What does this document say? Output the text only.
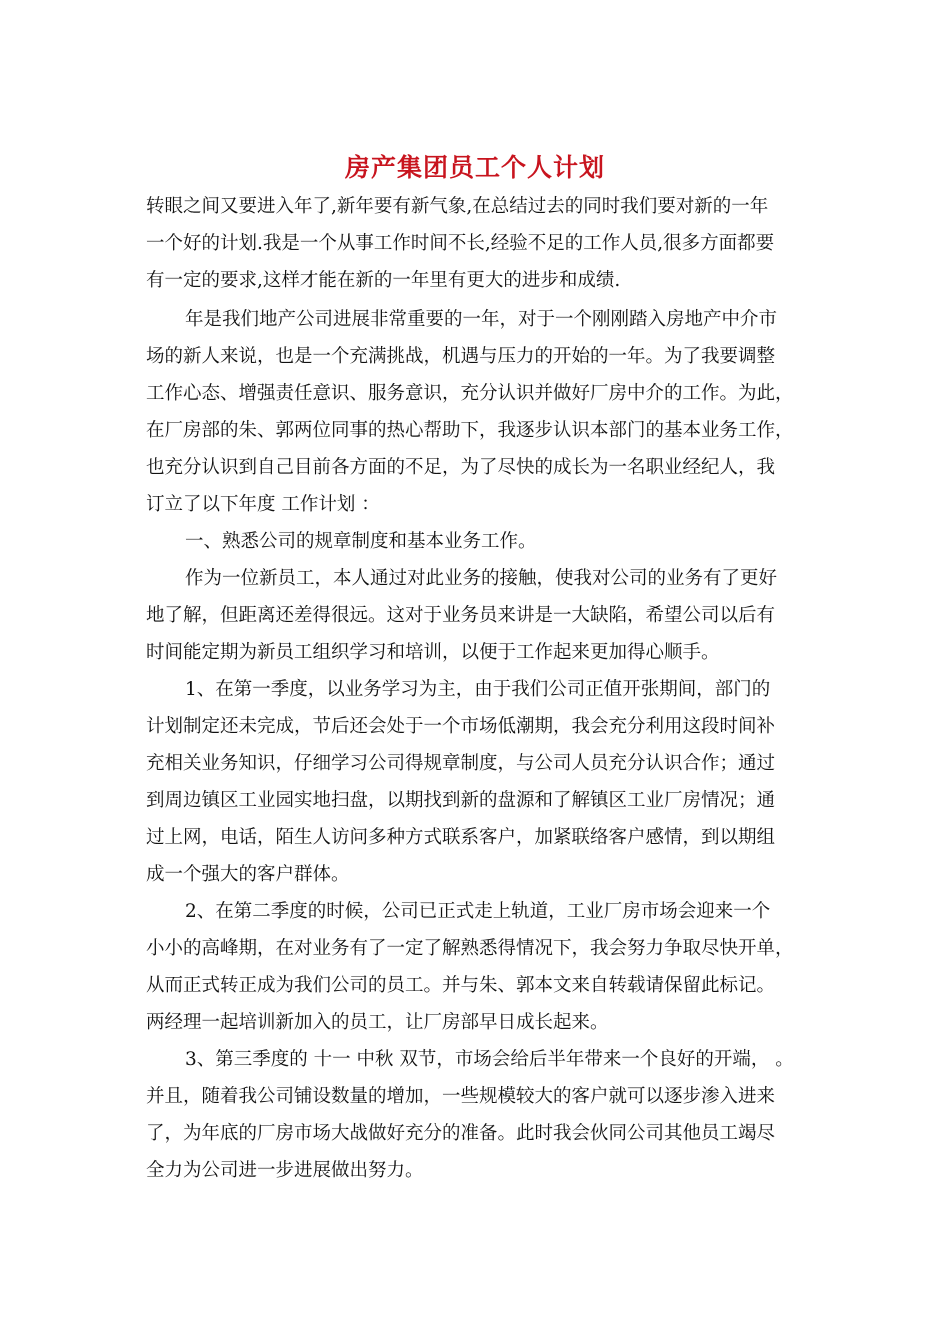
房产集团员工个人计划
转眼之间又要进入年了,新年要有新气象,在总结过去的同时我们要对新的一年
一个好的计划.我是一个从事工作时间不长,经验不足的工作人员,很多方面都要
有一定的要求,这样才能在新的一年里有更大的进步和成绩.
年是我们地产公司进展非常重要的一年，对于一个刚刚踏入房地产中介市
场的新人来说，也是一个充满挑战，机遇与压力的开始的一年。为了我要调整
工作心态、增强责任意识、服务意识，充分认识并做好厂房中介的工作。为此，
在厂房部的朱、郭两位同事的热心帮助下，我逐步认识本部门的基本业务工作，
也充分认识到自己目前各方面的不足，为了尽快的成长为一名职业经纪人，我
订立了以下年度 工作计划 ：
一、熟悉公司的规章制度和基本业务工作。
作为一位新员工，本人通过对此业务的接触，使我对公司的业务有了更好
地了解，但距离还差得很远。这对于业务员来讲是一大缺陷，希望公司以后有
时间能定期为新员工组织学习和培训，以便于工作起来更加得心顺手。
1、在第一季度，以业务学习为主，由于我们公司正值开张期间，部门的
计划制定还未完成，节后还会处于一个市场低潮期，我会充分利用这段时间补
充相关业务知识，仔细学习公司得规章制度，与公司人员充分认识合作；通过
到周边镇区工业园实地扫盘，以期找到新的盘源和了解镇区工业厂房情况；通
过上网，电话，陌生人访问多种方式联系客户，加紧联络客户感情，到以期组
成一个强大的客户群体。
2、在第二季度的时候，公司已正式走上轨道，工业厂房市场会迎来一个
小小的高峰期，在对业务有了一定了解熟悉得情况下，我会努力争取尽快开单，
从而正式转正成为我们公司的员工。并与朱、郭本文来自转载请保留此标记。
两经理一起培训新加入的员工，让厂房部早日成长起来。
3、第三季度的 十一 中秋 双节，市场会给后半年带来一个良好的开端， 。
并且，随着我公司铺设数量的增加，一些规模较大的客户就可以逐步渗入进来
了，为年底的厂房市场大战做好充分的准备。此时我会伙同公司其他员工竭尽
全力为公司进一步进展做出努力。
